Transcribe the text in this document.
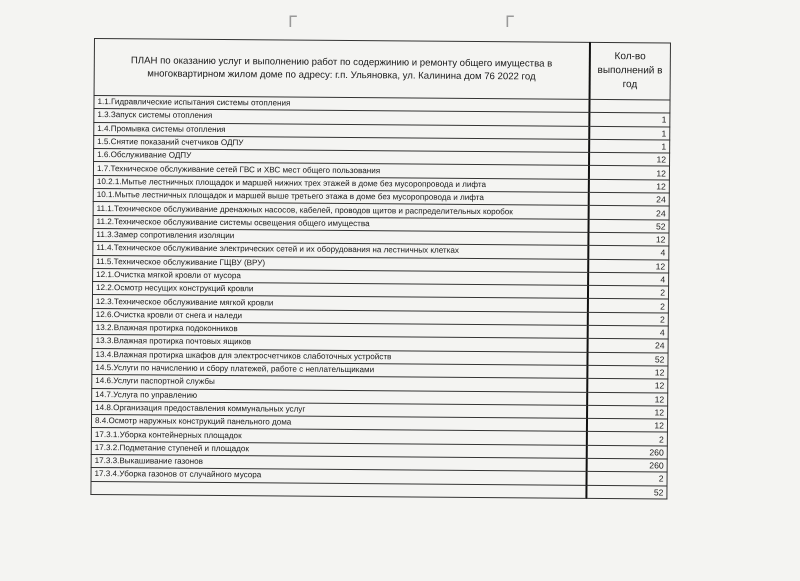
ᒥ	ᒥ
ПЛАН по оказанию услуг и выполнению работ по содержинию и ремонту общего имущества в многоквартирном жилом доме по адресу: г.п. Ульяновка, ул. Калинина дом 76 2022 год	Кол-во выполнений в год
1.1.Гидравлические испытания системы отопления	
1.3.Запуск системы отопления	1
1.4.Промывка системы отопления	1
1.5.Снятие показаний счетчиков ОДПУ	1
1.6.Обслуживание ОДПУ	12
1.7.Техническое обслуживание сетей ГВС и ХВС мест общего пользования	12
10.2.1.Мытье лестничных площадок и маршей нижних трех этажей в доме без мусоропровода и лифта	12
10.1.Мытье лестничных площадок и маршей выше третьего этажа в доме без мусоропровода и лифта	24
11.1.Техническое обслуживание дренажных насосов, кабелей, проводов щитов и распределительных коробок	24
11.2.Техническое обслуживание системы освещения общего имущества	52
11.3.Замер сопротивления изоляции	12
11.4.Техническое обслуживание электрических сетей и их оборудования на лестничных клетках	4
11.5.Техническое обслуживание ГЩВУ (ВРУ)	12
12.1.Очистка мягкой кровли от мусора	4
12.2.Осмотр несущих конструкций кровли	2
12.3.Техническое обслуживание мягкой кровли	2
12.6.Очистка кровли от снега и наледи	2
13.2.Влажная протирка подоконников	4
13.3.Влажная протирка почтовых ящиков	24
13.4.Влажная протирка шкафов для электросчетчиков слаботочных устройств	52
14.5.Услуги по начислению и сбору платежей, работе с неплательщиками	12
14.6.Услуги паспортной службы	12
14.7.Услуга по управлению	12
14.8.Организация предоставления коммунальных услуг	12
8.4.Осмотр наружных конструкций панельного дома	12
17.3.1.Уборка контейнерных площадок	2
17.3.2.Подметание ступеней и площадок	260
17.3.3.Выкашивание газонов	260
17.3.4.Уборка газонов от случайного мусора	2
	52
